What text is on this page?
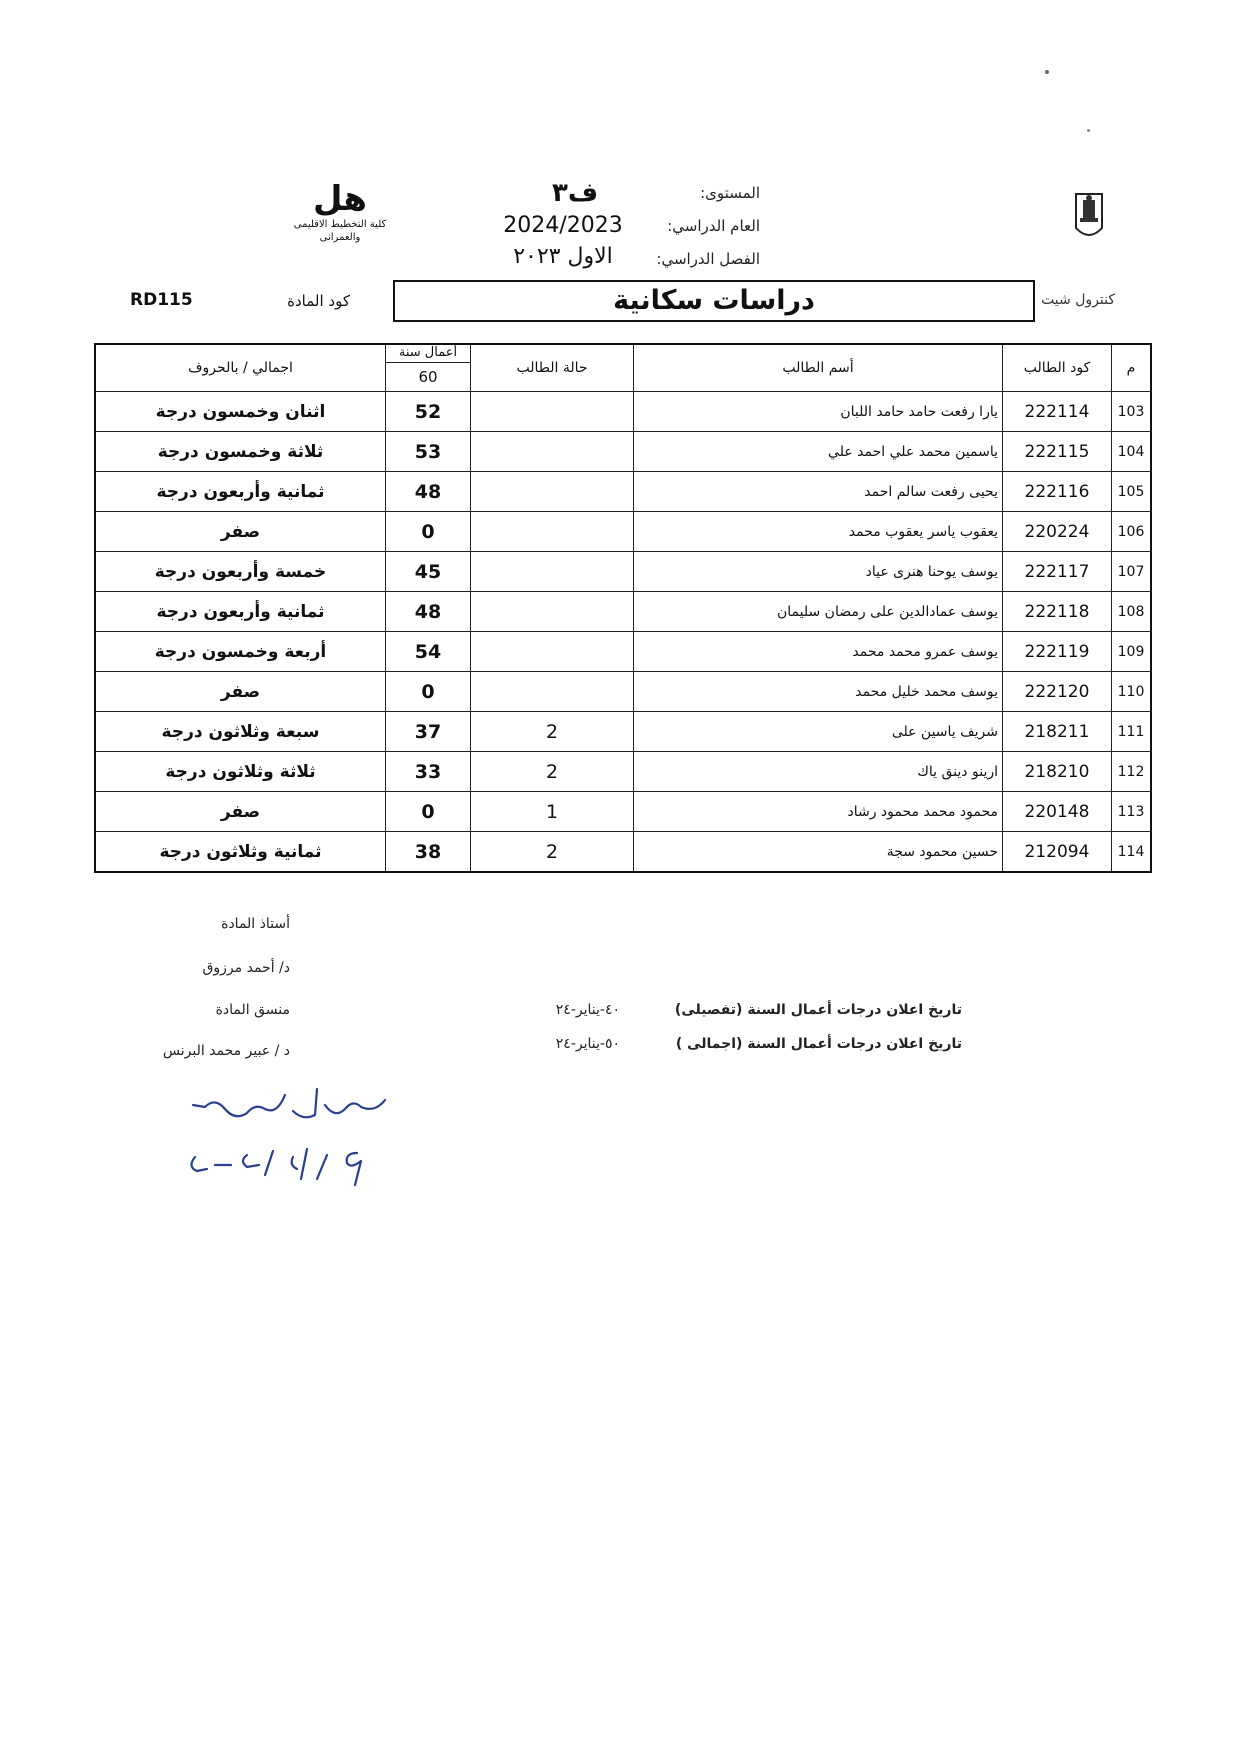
المستوى:
ف٣
العام الدراسي:
2024/2023
الفصل الدراسي:
الاول ٢٠٢٣
ﻫﻞ
كلية التخطيط الاقليمى
والعمرانى
RD115	كود المادة	دراسات سكانية	كنترول شيت
م	كود الطالب	أسم الطالب	حالة الطالب	أعمال سنة
60	اجمالي / بالحروف
103	222114	يارا رفعت حامد حامد اللبان		52	اثنان وخمسون درجة
104	222115	ياسمين محمد علي احمد علي		53	ثلاثة وخمسون درجة
105	222116	يحيى رفعت سالم احمد		48	ثمانية وأربعون درجة
106	220224	يعقوب ياسر يعقوب محمد		0	صفر
107	222117	يوسف يوحنا هنرى عياد		45	خمسة وأربعون درجة
108	222118	يوسف عمادالدين على رمضان سليمان		48	ثمانية وأربعون درجة
109	222119	يوسف عمرو محمد محمد		54	أربعة وخمسون درجة
110	222120	يوسف محمد خليل محمد		0	صفر
111	218211	شريف ياسين على	2	37	سبعة وثلاثون درجة
112	218210	ارينو دينق ياك	2	33	ثلاثة وثلاثون درجة
113	220148	محمود محمد محمود رشاد	1	0	صفر
114	212094	حسين محمود سجة	2	38	ثمانية وثلاثون درجة
أستاذ المادة
د/ أحمد مرزوق
منسق المادة
د / عبير محمد البرنس
تاريخ اعلان درجات أعمال السنة (تفصيلى)
٤٠-يناير-٢٤
تاريخ اعلان درجات أعمال السنة (اجمالى )
٥٠-يناير-٢٤
